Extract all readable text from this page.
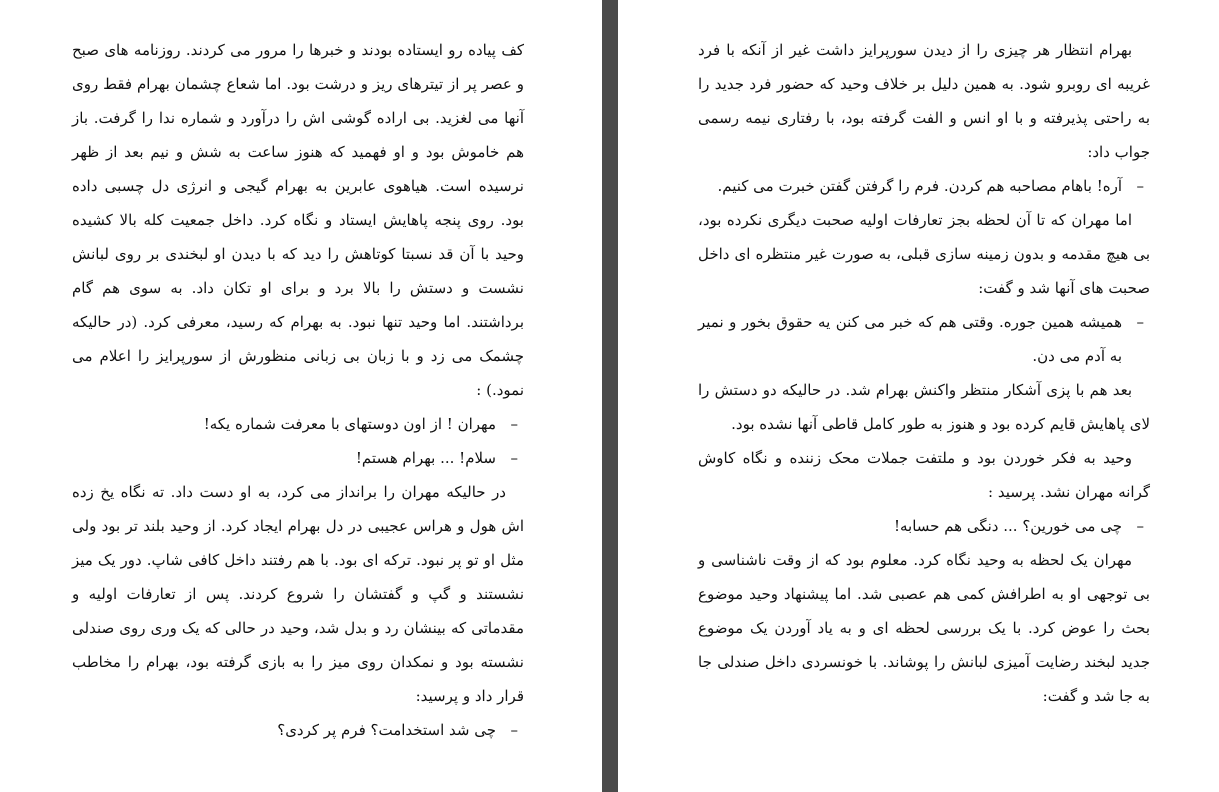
کف پیاده رو ایستاده بودند و خبرها را مرور می کردند. روزنامه های صبح و عصر پر از تیترهای ریز و درشت بود. اما شعاع چشمان بهرام فقط روی آنها می لغزید. بی اراده گوشی اش را درآورد و شماره ندا را گرفت. باز هم خاموش بود و او فهمید که هنوز ساعت به شش و نیم بعد از ظهر نرسیده است. هیاهوی عابرین به بهرام گیجی و انرژی دل چسبی داده بود. روی پنجه پاهایش ایستاد و نگاه کرد. داخل جمعیت کله بالا کشیده وحید با آن قد نسبتا کوتاهش را دید که با دیدن او لبخندی بر روی لبانش نشست و دستش را بالا برد و برای او تکان داد. به سوی هم گام برداشتند. اما وحید تنها نبود. به بهرام که رسید، معرفی کرد. (در حالیکه چشمک می زد و با زبان بی زبانی منظورش از سورپرایز را اعلام می نمود.) :

–
مهران ! از اون دوستهای با معرفت شماره یکه!

–
سلام! ... بهرام هستم!

در حالیکه مهران را برانداز می کرد، به او دست داد. ته نگاه یخ زده اش هول و هراس عجیبی در دل بهرام ایجاد کرد. از وحید بلند تر بود ولی مثل او تو پر نبود. ترکه ای بود. با هم رفتند داخل کافی شاپ. دور یک میز نشستند و گپ و گفتشان را شروع کردند. پس از تعارفات اولیه و مقدماتی که بینشان رد و بدل شد، وحید در حالی که یک وری روی صندلی نشسته بود و نمکدان روی میز را به بازی گرفته بود، بهرام را مخاطب قرار داد و پرسید:

–
چی شد استخدامت؟ فرم پر کردی؟

بهرام انتظار هر چیزی را از دیدن سورپرایز داشت غیر از آنکه با فرد غریبه ای روبرو شود. به همین دلیل بر خلاف وحید که حضور فرد جدید را به راحتی پذیرفته و با او انس و الفت گرفته بود، با رفتاری نیمه رسمی جواب داد:

–
آره! باهام مصاحبه هم کردن. فرم را گرفتن گفتن خبرت می کنیم.

اما مهران که تا آن لحظه بجز تعارفات اولیه صحبت دیگری نکرده بود، بی هیچ مقدمه و بدون زمینه سازی قبلی، به صورت غیر منتظره ای داخل صحبت های آنها شد و گفت:

–
همیشه همین جوره. وقتی هم که خبر می کنن یه حقوق بخور و نمیر به آدم می دن.

بعد هم با پزی آشکار منتظر واکنش بهرام شد. در حالیکه دو دستش را لای پاهایش قایم کرده بود و هنوز به طور کامل قاطی آنها نشده بود.

وحید به فکر خوردن بود و ملتفت جملات محک زننده و نگاه کاوش گرانه مهران نشد. پرسید :

–
چی می خورین؟ ... دنگی هم حسابه!

مهران یک لحظه به وحید نگاه کرد. معلوم بود که از وقت ناشناسی و بی توجهی او به اطرافش کمی هم عصبی شد. اما پیشنهاد وحید موضوع بحث را عوض کرد. با یک بررسی لحظه ای و به یاد آوردن یک موضوع جدید لبخند رضایت آمیزی لبانش را پوشاند. با خونسردی داخل صندلی جا به جا شد و گفت:
